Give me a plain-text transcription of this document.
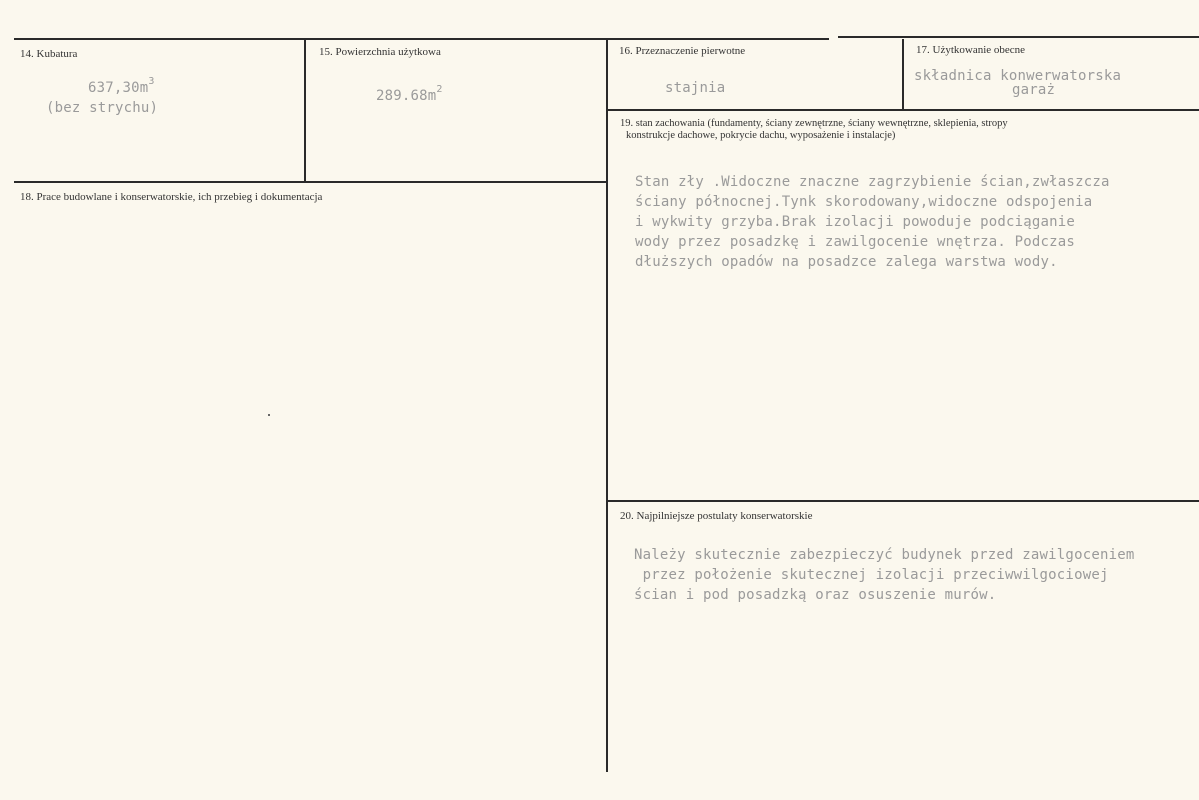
14. Kubatura
$637,30m^3$
(bez strychu)
15. Powierzchnia użytkowa
$289.68m^2$
16. Przeznaczenie pierwotne
stajnia
17. Użytkowanie obecne
składnica konwerwatorska
garaż
18. Prace budowlane i konserwatorskie, ich przebieg i dokumentacja
19. stan zachowania (fundamenty, ściany zewnętrzne, ściany wewnętrzne, sklepienia, stropy
konstrukcje dachowe, pokrycie dachu, wyposażenie i instalacje)
Stan zły .Widoczne znaczne zagrzybienie ścian,zwłaszcza
ściany północnej.Tynk skorodowany,widoczne odspojenia
i wykwity grzyba.Brak izolacji powoduje podciąganie
wody przez posadzkę i zawilgocenie wnętrza. Podczas
dłuższych opadów na posadzce zalega warstwa wody.
20. Najpilniejsze postulaty konserwatorskie
Należy skutecznie zabezpieczyć budynek przed zawilgoceniem
przez położenie skutecznej izolacji przeciwwilgociowej
ścian i pod posadzką oraz osuszenie murów.
